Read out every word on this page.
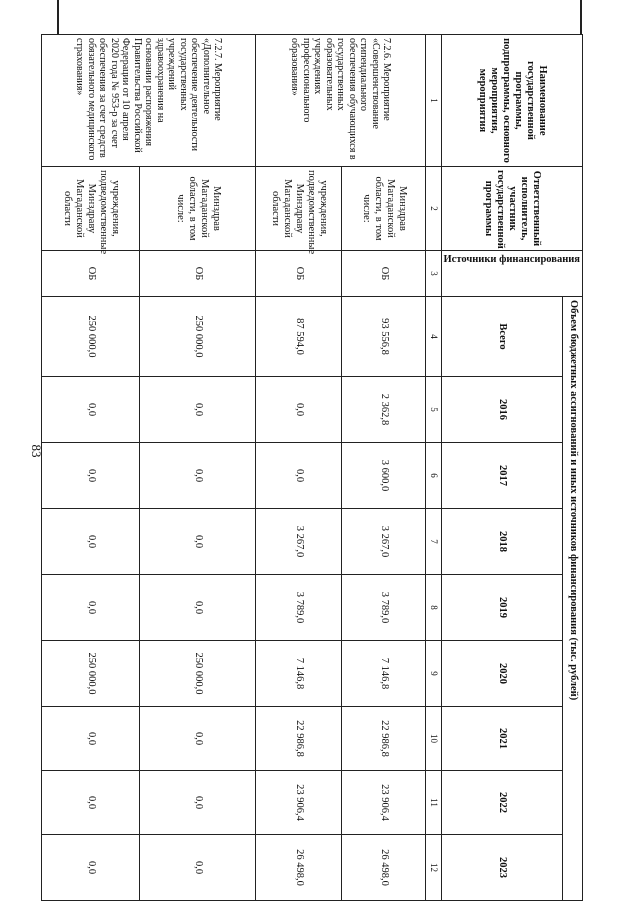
83
Наименование государственной программы, подпрограммы, основного мероприятия, мероприятия	Ответственный исполнитель, участник государственной программы	Источники финансирования	Объем бюджетных ассигнований и иных источников финансирования (тыс. рублей)								
			Всего	2016	2017	2018	2019	2020	2021	2022	2023
1	2	3	4	5	6	7	8	9	10	11	12
7.2.6. Мероприятие «Совершенствование стипендиального обеспечения обучающихся в государственных образовательных учреждениях профессионального образования»	Минздрав Магаданской области, в том числе:	ОБ	93 556,8	2 362,8	3 600,0	3 267,0	3 789,0	7 146,8	22 986,8	23 906,4	26 498,0
	учреждения, подведомственные Минздраву Магаданской области	ОБ	87 594,0	0,0	0,0	3 267,0	3 789,0	7 146,8	22 986,8	23 906,4	26 498,0
7.2.7. Мероприятие «Дополнительное обеспечение деятельности государственных учреждений здравоохранения на основании распоряжения Правительства Российской Федерации от 10 апреля 2020 года № 953-р за счет обеспечения за счет средств обязательного медицинского страхования»	Минздрав Магаданской области, в том числе:	ОБ	250 000,0	0,0	0,0	0,0	0,0	250 000,0	0,0	0,0	0,0
	учреждения, подведомственные Минздраву Магаданской области	ОБ	250 000,0	0,0	0,0	0,0	0,0	250 000,0	0,0	0,0	0,0
